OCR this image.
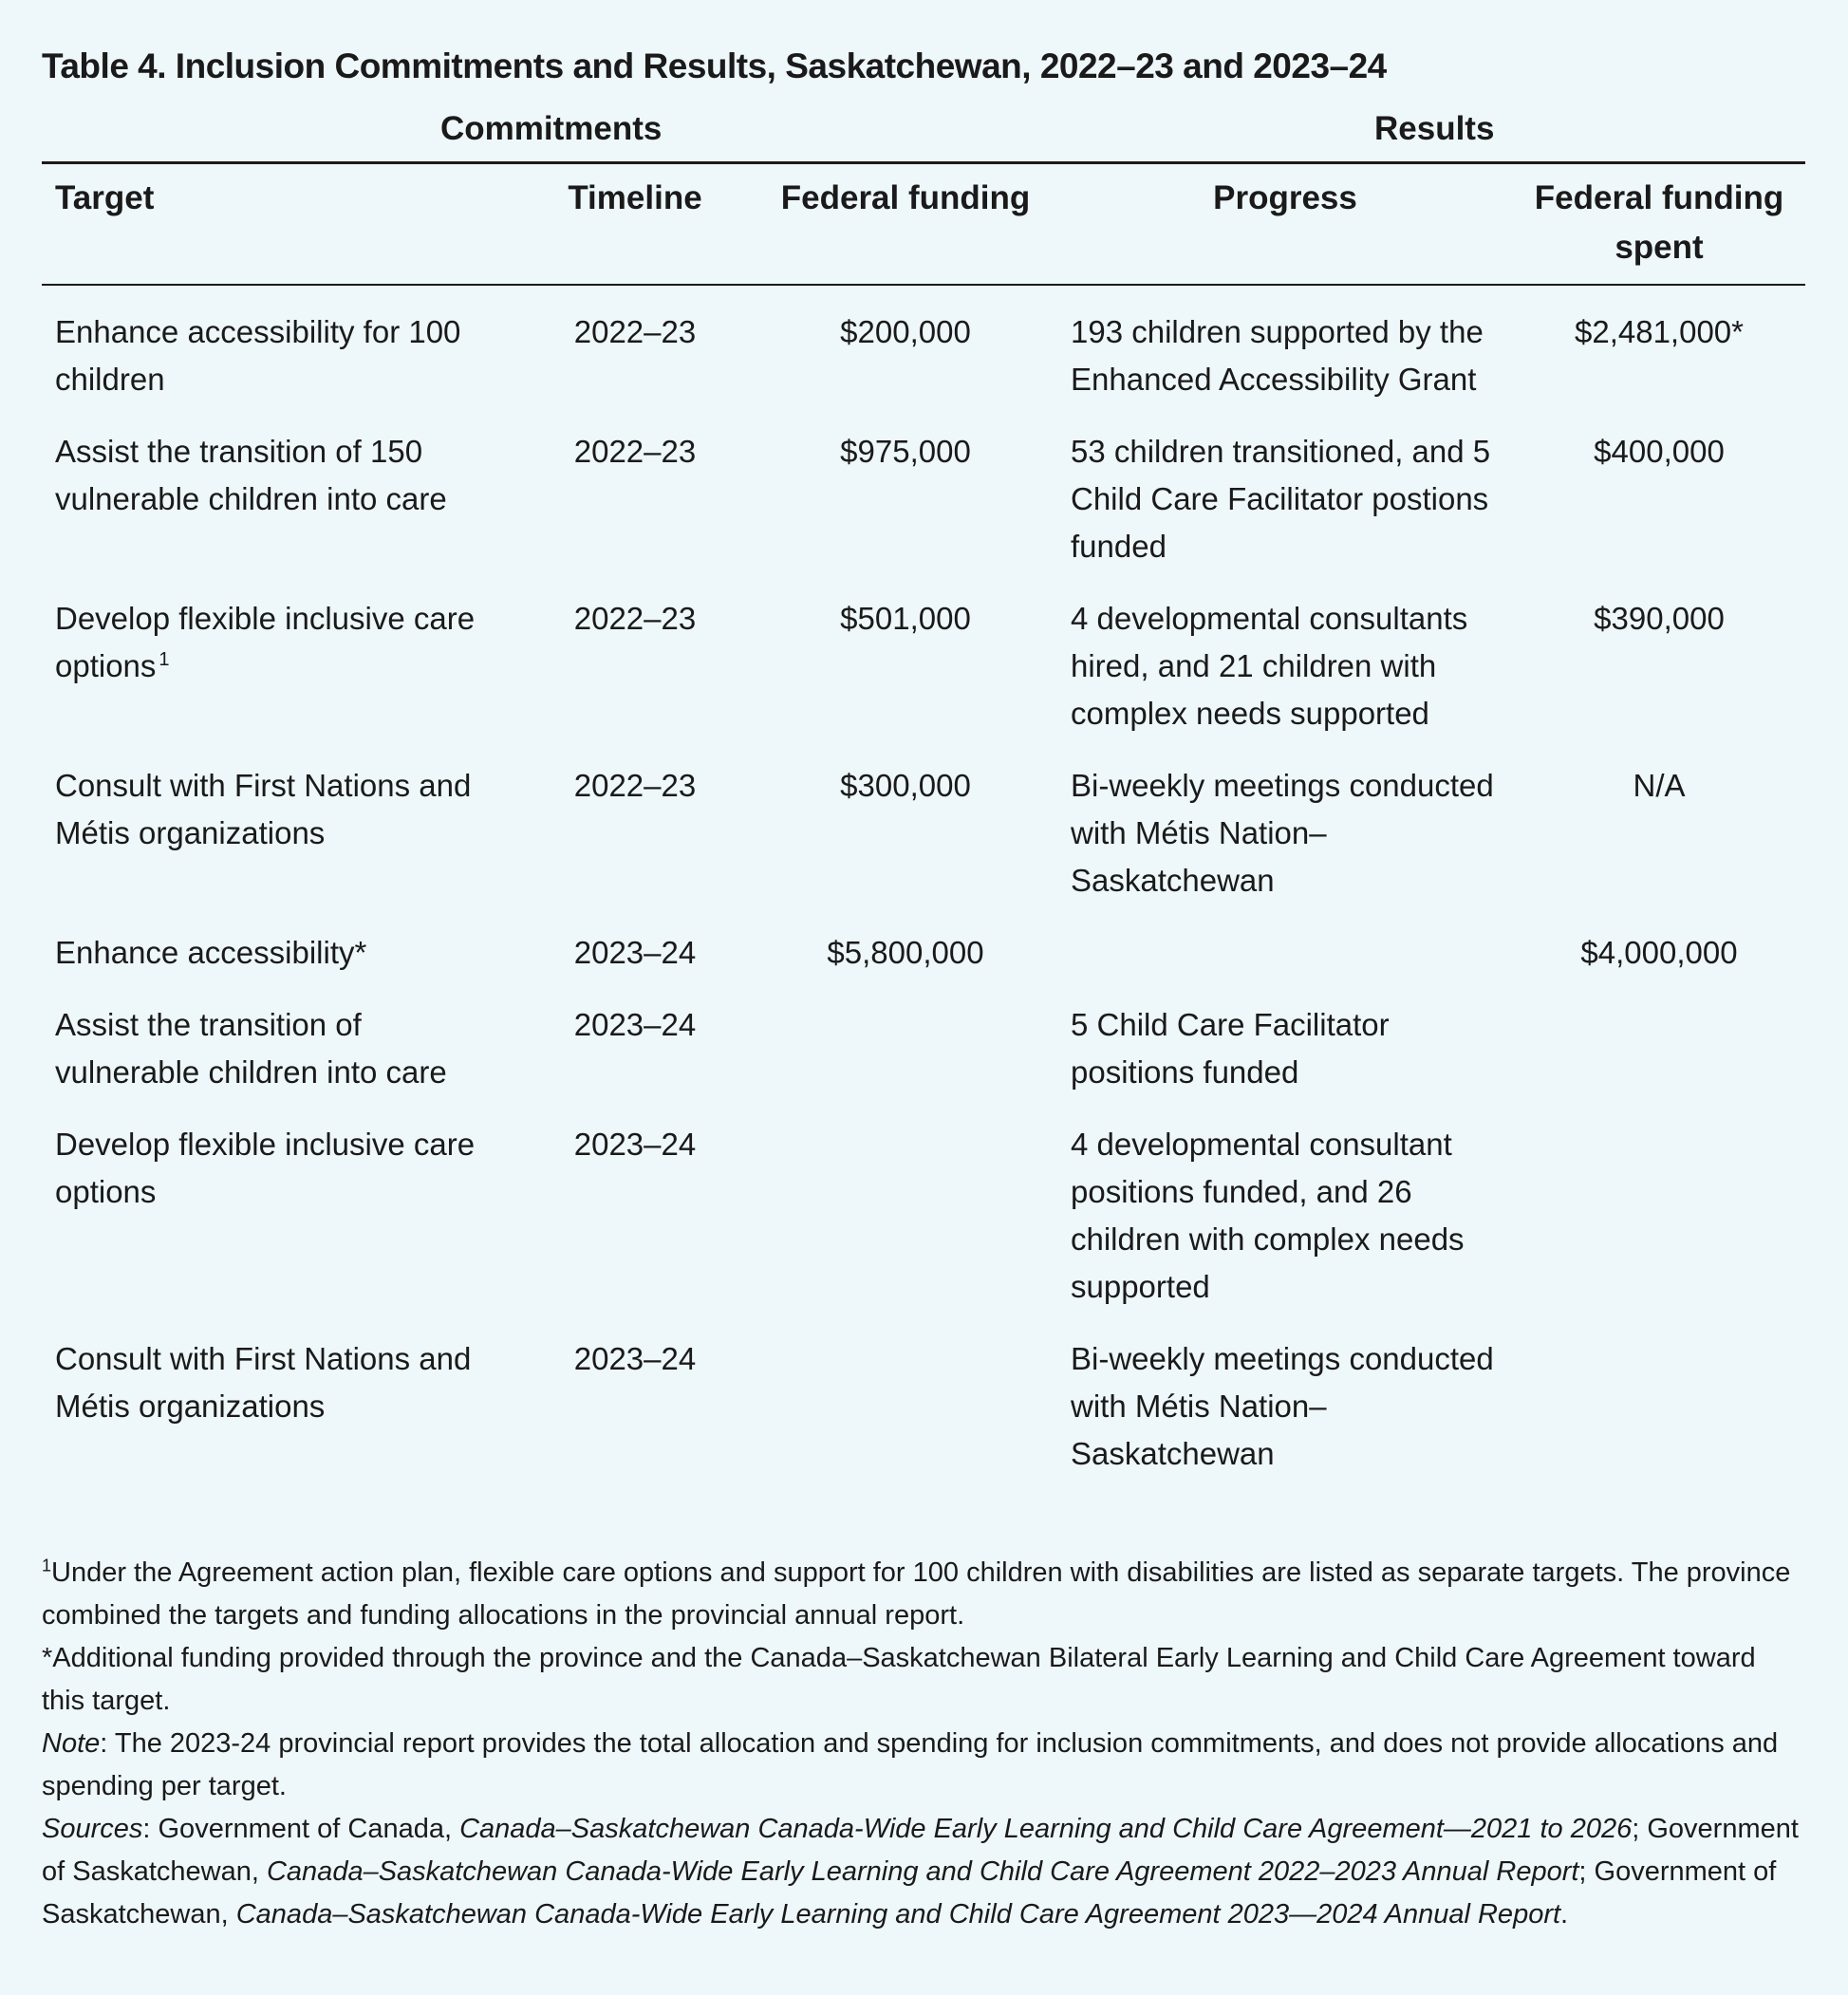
Table 4. Inclusion Commitments and Results, Saskatchewan, 2022–23 and 2023–24
Commitments	Results
Target	Timeline	Federal funding	Progress	Federal funding spent
Enhance accessibility for 100 children	2022–23	$200,000	193 children supported by the Enhanced Accessibility Grant	$2,481,000*
Assist the transition of 150 vulnerable children into care	2022–23	$975,000	53 children transitioned, and 5 Child Care Facilitator postions funded	$400,000
Develop flexible inclusive care options $^1$	2022–23	$501,000	4 developmental consultants hired, and 21 children with complex needs supported	$390,000
Consult with First Nations and Métis organizations	2022–23	$300,000	Bi-weekly meetings conducted with Métis Nation–Saskatchewan	N/A
Enhance accessibility*	2023–24	$5,800,000		$4,000,000
Assist the transition of vulnerable children into care	2023–24		5 Child Care Facilitator positions funded	
Develop flexible inclusive care options	2023–24		4 developmental consultant positions funded, and 26 children with complex needs supported	
Consult with First Nations and Métis organizations	2023–24		Bi-weekly meetings conducted with Métis Nation–Saskatchewan	

$^1$Under the Agreement action plan, flexible care options and support for 100 children with disabilities are listed as separate targets. The province combined the targets and funding allocations in the provincial annual report.

*Additional funding provided through the province and the Canada–Saskatchewan Bilateral Early Learning and Child Care Agreement toward this target.

Note: The 2023-24 provincial report provides the total allocation and spending for inclusion commitments, and does not provide allocations and spending per target.

Sources: Government of Canada, Canada–Saskatchewan Canada-Wide Early Learning and Child Care Agreement—2021 to 2026; Government of Saskatchewan, Canada–Saskatchewan Canada-Wide Early Learning and Child Care Agreement 2022–2023 Annual Report; Government of Saskatchewan, Canada–Saskatchewan Canada-Wide Early Learning and Child Care Agreement 2023—2024 Annual Report.
